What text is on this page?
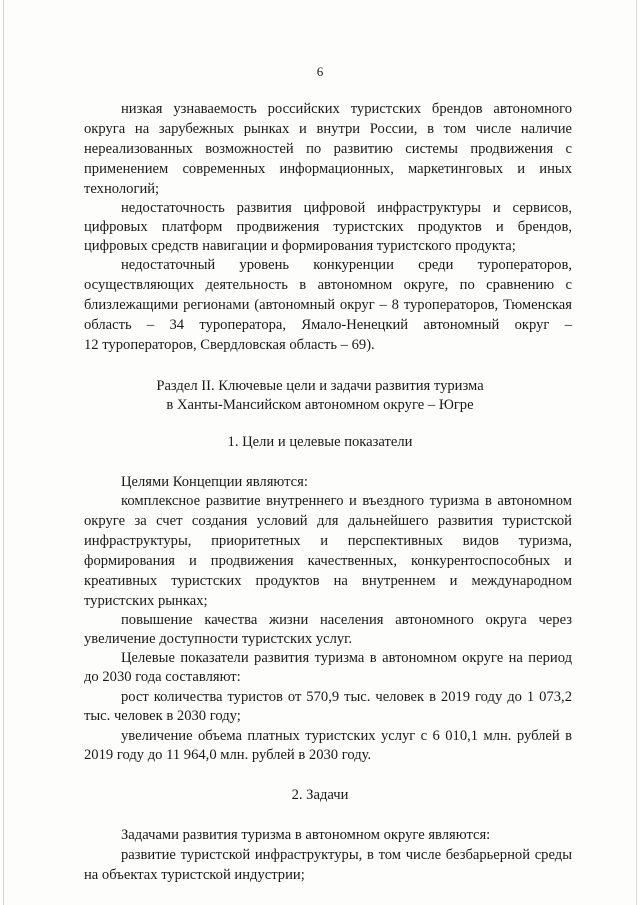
6
низкая узнаваемость российских туристских брендов автономного
округа на зарубежных рынках и внутри России, в том числе наличие
нереализованных возможностей по развитию системы продвижения с
применением современных информационных, маркетинговых и иных
технологий;
недостаточность развития цифровой инфраструктуры и сервисов,
цифровых платформ продвижения туристских продуктов и брендов,
цифровых средств навигации и формирования туристского продукта;
недостаточный уровень конкуренции среди туроператоров,
осуществляющих деятельность в автономном округе, по сравнению с
близлежащими регионами (автономный округ – 8 туроператоров, Тюменская
область – 34 туроператора, Ямало-Ненецкий автономный округ –
12 туроператоров, Свердловская область – 69).
Раздел II. Ключевые цели и задачи развития туризма
в Ханты-Мансийском автономном округе – Югре
1. Цели и целевые показатели
Целями Концепции являются:
комплексное развитие внутреннего и въездного туризма в автономном
округе за счет создания условий для дальнейшего развития туристской
инфраструктуры, приоритетных и перспективных видов туризма,
формирования и продвижения качественных, конкурентоспособных и
креативных туристских продуктов на внутреннем и международном
туристских рынках;
повышение качества жизни населения автономного округа через
увеличение доступности туристских услуг.
Целевые показатели развития туризма в автономном округе на период
до 2030 года составляют:
рост количества туристов от 570,9 тыс. человек в 2019 году до 1 073,2
тыс. человек в 2030 году;
увеличение объема платных туристских услуг с 6 010,1 млн. рублей в
2019 году до 11 964,0 млн. рублей в 2030 году.
2. Задачи
Задачами развития туризма в автономном округе являются:
развитие туристской инфраструктуры, в том числе безбарьерной среды
на объектах туристской индустрии;
